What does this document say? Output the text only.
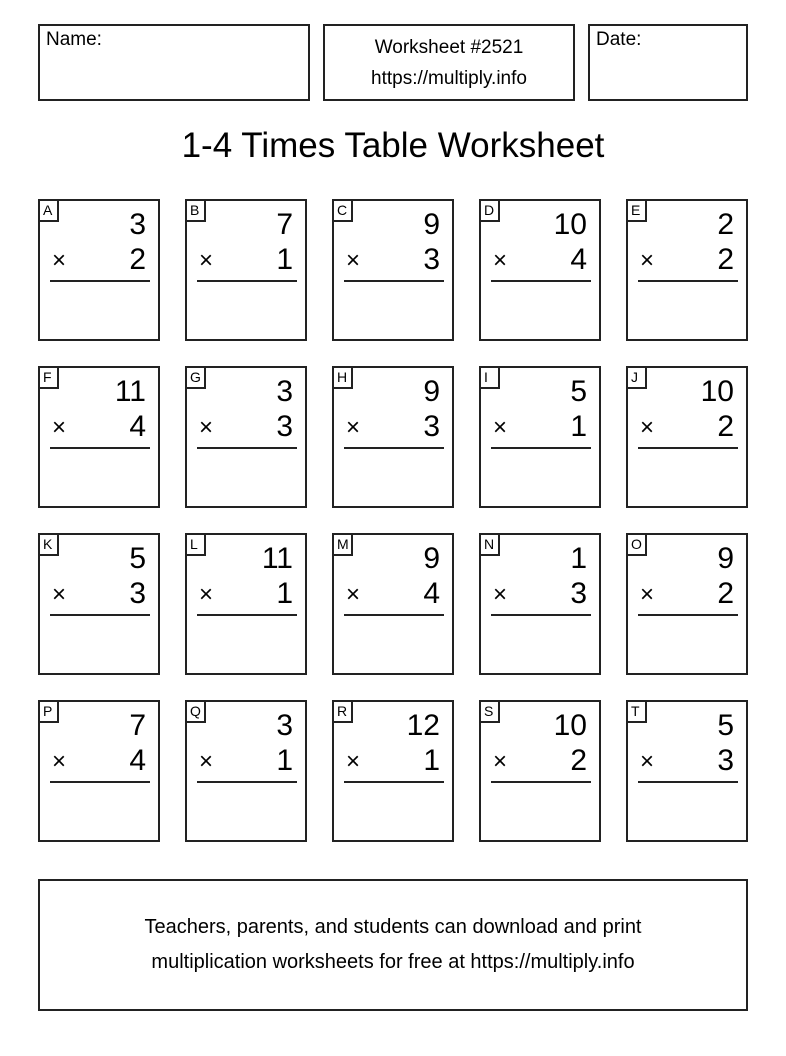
Name:	Worksheet #2521
https://multiply.info
Date:
1-4 Times Table Worksheet
A	3
× 2
B	7
× 1
C	9
× 3
D 10
× 4
E	2
× 2
F 11
× 4
G	3
× 3
H	9
× 3
I	5
× 1
J	10
× 2
K	5
× 3
L 11
× 1
M 9
× 4
N	1
× 3
O	9
× 2
P	7
× 4
Q	3
× 1
R 12
× 1
S 10
× 2
T	5
× 3
Teachers, parents, and students can download and print
multiplication worksheets for free at https://multiply.info
